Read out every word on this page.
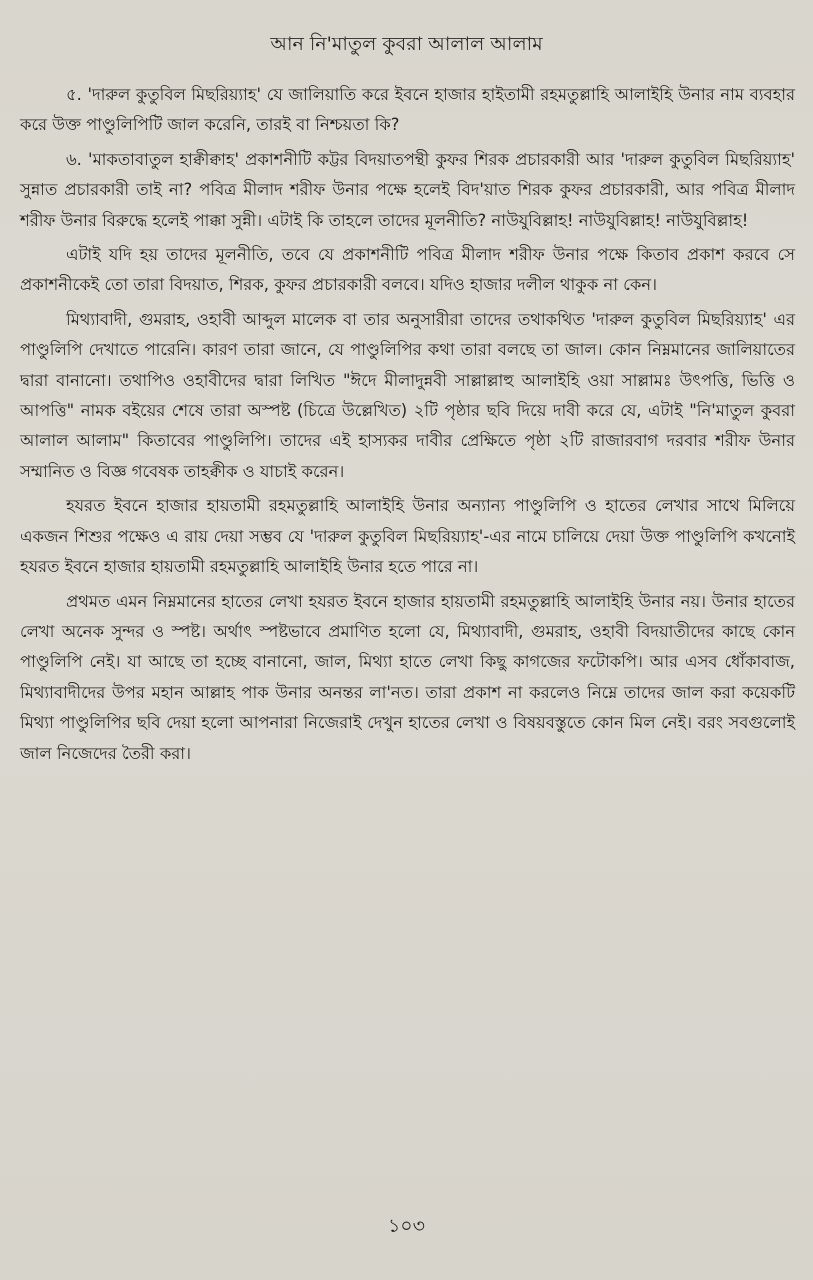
আন নি'মাতুল কুবরা আলাল আলাম

৫. 'দারুল কুতুবিল মিছরিয়্যাহ' যে জালিয়াতি করে ইবনে হাজার হাইতামী রহমতুল্লাহি আলাইহি উনার নাম ব্যবহার করে উক্ত পাণ্ডুলিপিটি জাল করেনি, তারই বা নিশ্চয়তা কি?

৬. 'মাকতাবাতুল হাক্বীক্বাহ' প্রকাশনীটি কট্টর বিদয়াতপন্থী কুফর শিরক প্রচারকারী আর 'দারুল কুতুবিল মিছরিয়্যাহ' সুন্নাত প্রচারকারী তাই না? পবিত্র মীলাদ শরীফ উনার পক্ষে হলেই বিদ'য়াত শিরক কুফর প্রচারকারী, আর পবিত্র মীলাদ শরীফ উনার বিরুদ্ধে হলেই পাক্কা সুন্নী। এটাই কি তাহলে তাদের মূলনীতি? নাউযুবিল্লাহ! নাউযুবিল্লাহ! নাউযুবিল্লাহ!

এটাই যদি হয় তাদের মূলনীতি, তবে যে প্রকাশনীটি পবিত্র মীলাদ শরীফ উনার পক্ষে কিতাব প্রকাশ করবে সে প্রকাশনীকেই তো তারা বিদয়াত, শিরক, কুফর প্রচারকারী বলবে। যদিও হাজার দলীল থাকুক না কেন।

মিথ্যাবাদী, গুমরাহ, ওহাবী আব্দুল মালেক বা তার অনুসারীরা তাদের তথাকথিত 'দারুল কুতুবিল মিছরিয়্যাহ' এর পাণ্ডুলিপি দেখাতে পারেনি। কারণ তারা জানে, যে পাণ্ডুলিপির কথা তারা বলছে তা জাল। কোন নিম্নমানের জালিয়াতের দ্বারা বানানো। তথাপিও ওহাবীদের দ্বারা লিখিত "ঈদে মীলাদুন্নবী সাল্লাল্লাহু আলাইহি ওয়া সাল্লামঃ উৎপত্তি, ভিত্তি ও আপত্তি" নামক বইয়ের শেষে তারা অস্পষ্ট (চিত্রে উল্লেখিত) ২টি পৃষ্ঠার ছবি দিয়ে দাবী করে যে, এটাই "নি'মাতুল কুবরা আলাল আলাম" কিতাবের পাণ্ডুলিপি। তাদের এই হাস্যকর দাবীর প্রেক্ষিতে পৃষ্ঠা ২টি রাজারবাগ দরবার শরীফ উনার সম্মানিত ও বিজ্ঞ গবেষক তাহক্বীক ও যাচাই করেন।

হযরত ইবনে হাজার হায়তামী রহমতুল্লাহি আলাইহি উনার অন্যান্য পাণ্ডুলিপি ও হাতের লেখার সাথে মিলিয়ে একজন শিশুর পক্ষেও এ রায় দেয়া সম্ভব যে 'দারুল কুতুবিল মিছরিয়্যাহ'-এর নামে চালিয়ে দেয়া উক্ত পাণ্ডুলিপি কখনোই হযরত ইবনে হাজার হায়তামী রহমতুল্লাহি আলাইহি উনার হতে পারে না।

প্রথমত এমন নিম্নমানের হাতের লেখা হযরত ইবনে হাজার হায়তামী রহমতুল্লাহি আলাইহি উনার নয়। উনার হাতের লেখা অনেক সুন্দর ও স্পষ্ট। অর্থাৎ স্পষ্টভাবে প্রমাণিত হলো যে, মিথ্যাবাদী, গুমরাহ, ওহাবী বিদয়াতীদের কাছে কোন পাণ্ডুলিপি নেই। যা আছে তা হচ্ছে বানানো, জাল, মিথ্যা হাতে লেখা কিছু কাগজের ফটোকপি। আর এসব ধোঁকাবাজ, মিথ্যাবাদীদের উপর মহান আল্লাহ পাক উনার অনন্তর লা'নত। তারা প্রকাশ না করলেও নিম্নে তাদের জাল করা কয়েকটি মিথ্যা পাণ্ডুলিপির ছবি দেয়া হলো আপনারা নিজেরাই দেখুন হাতের লেখা ও বিষয়বস্তুতে কোন মিল নেই। বরং সবগুলোই জাল নিজেদের তৈরী করা।

১০৩
